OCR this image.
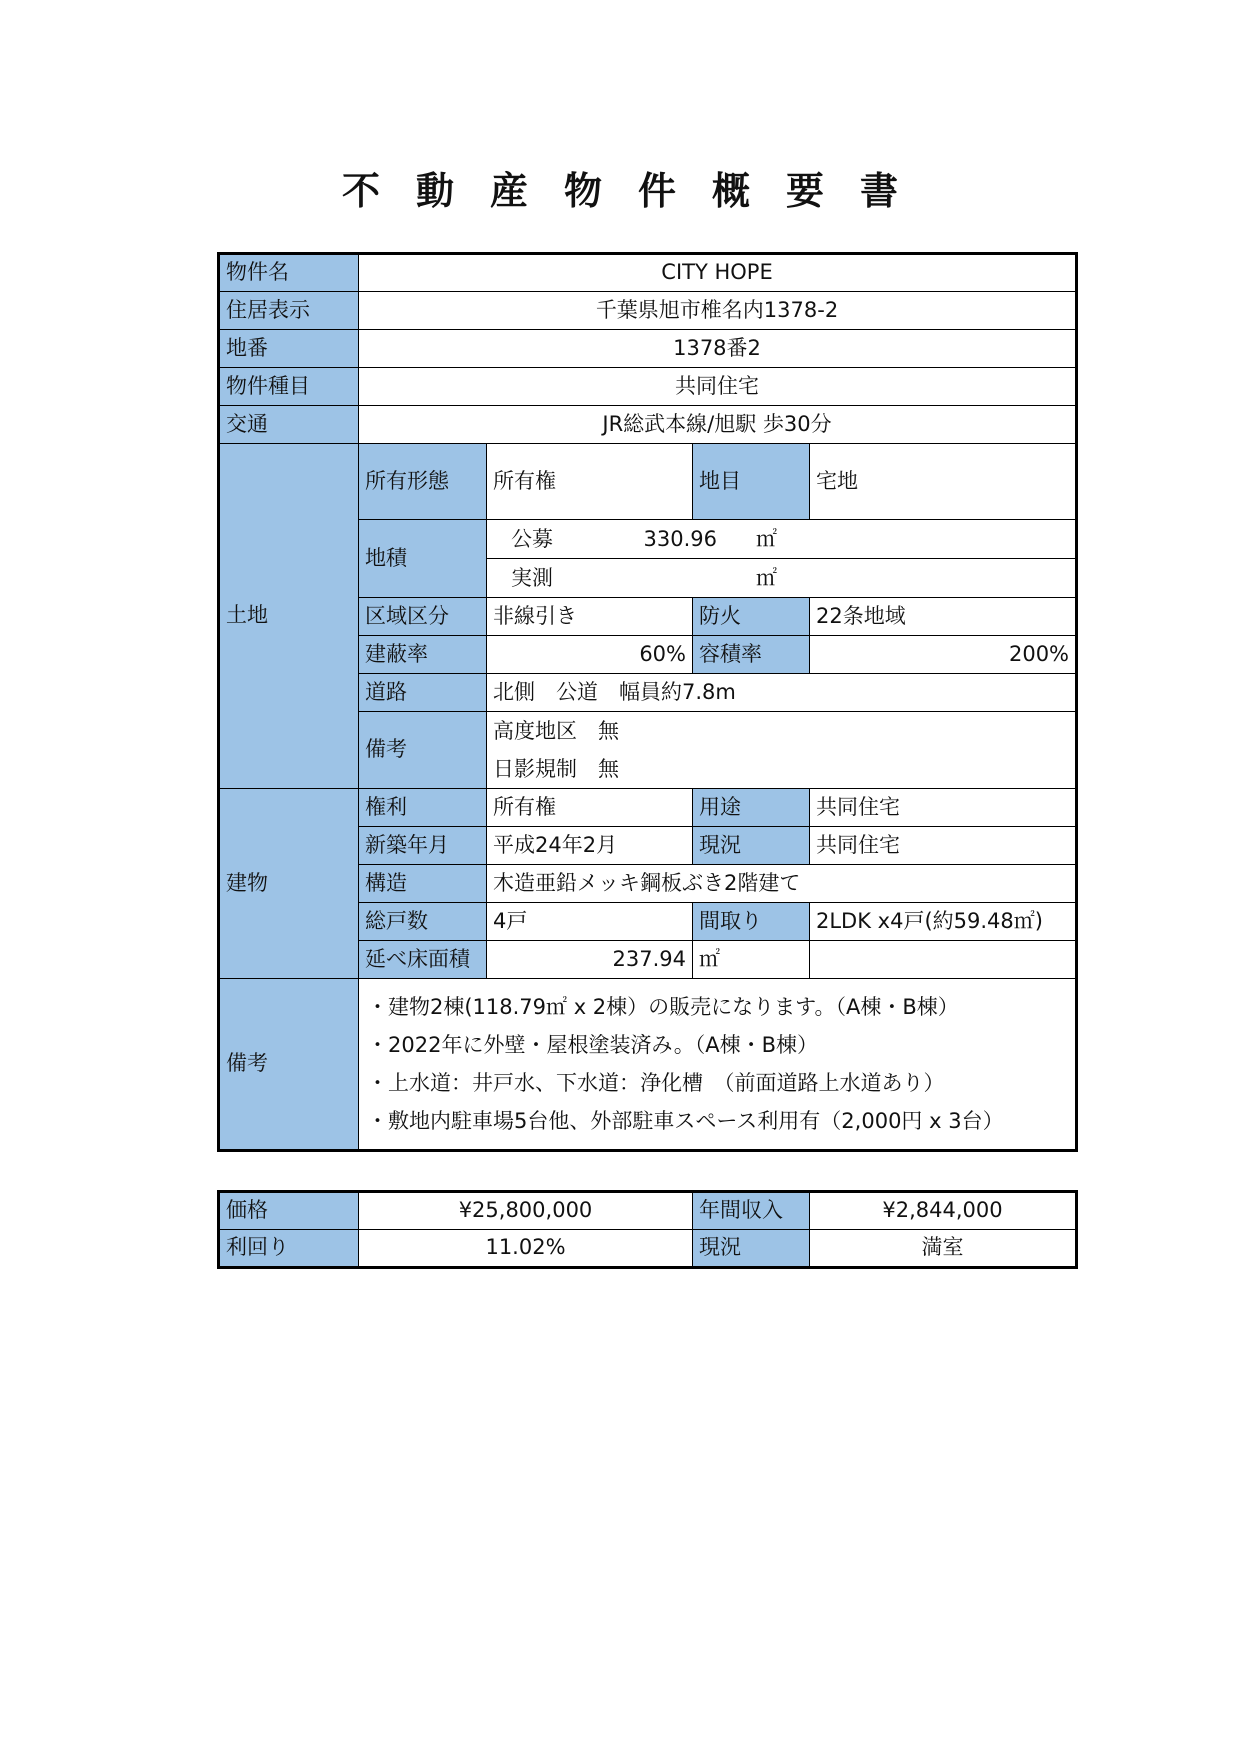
不動産物件概要書
物件名	CITY HOPE			
住居表示	千葉県旭市椎名内1378-2			
地番	1378番2			
物件種目	共同住宅			
交通	JR総武本線/旭駅 歩30分			
土地	所有形態	所有権	地目	宅地
	地積	公募 330.96 ㎡
実測 ㎡		

	区域区分	非線引き	防火	22条地域
	建蔽率	60%	容積率	200%
	道路	北側　公道　幅員約7.8m		
	備考	高度地区　無
日影規制　無		

建物	権利	所有権	用途	共同住宅
	新築年月	平成24年2月	現況	共同住宅
	構造	木造亜鉛メッキ鋼板ぶき2階建て		
	総戸数	4戸	間取り	2LDK x4戸(約59.48㎡)
	延べ床面積	237.94	㎡	
備考	・建物2棟(118.79㎡ x 2棟）の販売になります。（A棟・B棟）
・2022年に外壁・屋根塗装済み。（A棟・B棟）
・上水道：井戸水、下水道：浄化槽　（前面道路上水道あり）
・敷地内駐車場5台他、外部駐車スペース利用有（2,000円 x 3台）			
価格	¥25,800,000	年間収入	¥2,844,000
利回り	11.02%	現況	満室
